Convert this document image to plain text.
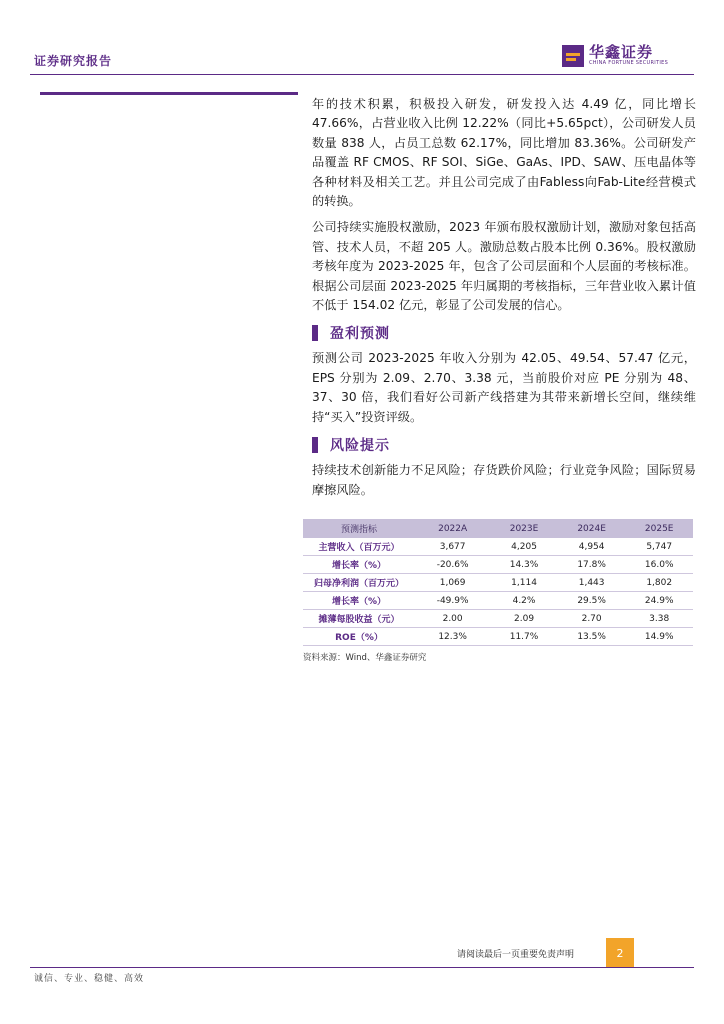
证券研究报告	华鑫证券
CHINA FORTUNE SECURITIES

年的技术积累，积极投入研发，研发投入达 4.49 亿，同比增长 47.66%，占营业收入比例 12.22%（同比+5.65pct），公司研发人员数量 838 人，占员工总数 62.17%，同比增加 83.36%。公司研发产品覆盖 RF CMOS、RF SOI、SiGe、GaAs、IPD、SAW、压电晶体等各种材料及相关工艺。并且公司完成了由Fabless向Fab-Lite经营模式的转换。

公司持续实施股权激励，2023 年颁布股权激励计划，激励对象包括高管、技术人员，不超 205 人。激励总数占股本比例 0.36%。股权激励考核年度为 2023-2025 年，包含了公司层面和个人层面的考核标准。根据公司层面 2023-2025 年归属期的考核指标，三年营业收入累计值不低于 154.02 亿元，彰显了公司发展的信心。

盈利预测

预测公司 2023-2025 年收入分别为 42.05、49.54、57.47 亿元，EPS 分别为 2.09、2.70、3.38 元，当前股价对应 PE 分别为 48、37、30 倍，我们看好公司新产线搭建为其带来新增长空间，继续维持“买入”投资评级。

风险提示

持续技术创新能力不足风险；存货跌价风险；行业竞争风险；国际贸易摩擦风险。

预测指标	2022A	2023E	2024E	2025E
主营收入（百万元）	3,677	4,205	4,954	5,747
增长率（%）	-20.6%	14.3%	17.8%	16.0%
归母净利润（百万元）	1,069	1,114	1,443	1,802
增长率（%）	-49.9%	4.2%	29.5%	24.9%
摊薄每股收益（元）	2.00	2.09	2.70	3.38
ROE（%）	12.3%	11.7%	13.5%	14.9%
资料来源：Wind、华鑫证券研究
请阅读最后一页重要免责声明	2
诚信、专业、稳健、高效
